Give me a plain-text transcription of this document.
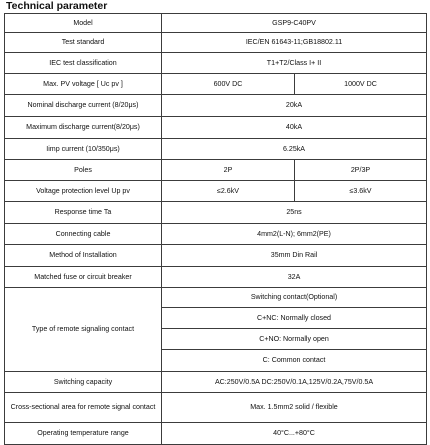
Technical parameter
Model	GSP9-C40PV	
Test standard	IEC/EN 61643-11;GB18802.11	
IEC test classification	T1+T2/Class I+ II	
Max. PV voltage [ Uc pv ]	600V DC	1000V DC
Nominal discharge current (8/20μs)	20kA	
Maximum discharge current(8/20μs)	40kA	
Iimp current (10/350μs)	6.25kA	
Poles	2P	2P/3P
Voltage protection level Up pv	≤2.6kV	≤3.6kV
Response time Ta	25ns	
Connecting cable	4mm2(L-N); 6mm2(PE)	
Method of Installation	35mm Din Rail	
Matched fuse or circuit breaker	32A	
Type of remote signaling contact	Switching contact(Optional)	
	C+NC: Normally closed	
	C+NO: Normally open	
	C: Common contact	
Switching capacity	AC:250V/0.5A DC:250V/0.1A,125V/0.2A,75V/0.5A	
Cross-sectional area for remote signal contact	Max. 1.5mm2 solid / flexible	
Operating temperature range	40°C...+80°C	
